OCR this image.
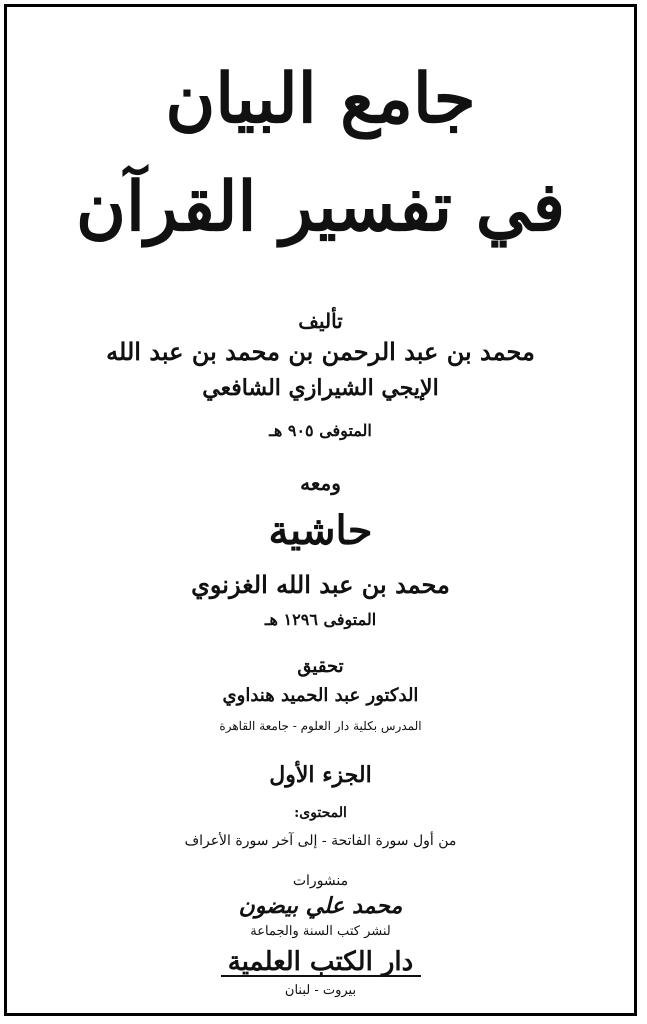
جامع البيان
في تفسير القرآن
تأليف
محمد بن عبد الرحمن بن محمد بن عبد الله
الإيجي الشيرازي الشافعي
المتوفى ٩٠٥ هـ
ومعه
حاشية
محمد بن عبد الله الغزنوي
المتوفى ١٢٩٦ هـ
تحقيق
الدكتور عبد الحميد هنداوي
المدرس بكلية دار العلوم - جامعة القاهرة
الجزء الأول
المحتوى:
من أول سورة الفاتحة - إلى آخر سورة الأعراف
منشورات
محمد علي بيضون
لنشر كتب السنة والجماعة
دار الكتب العلمية
بيروت - لبنان
